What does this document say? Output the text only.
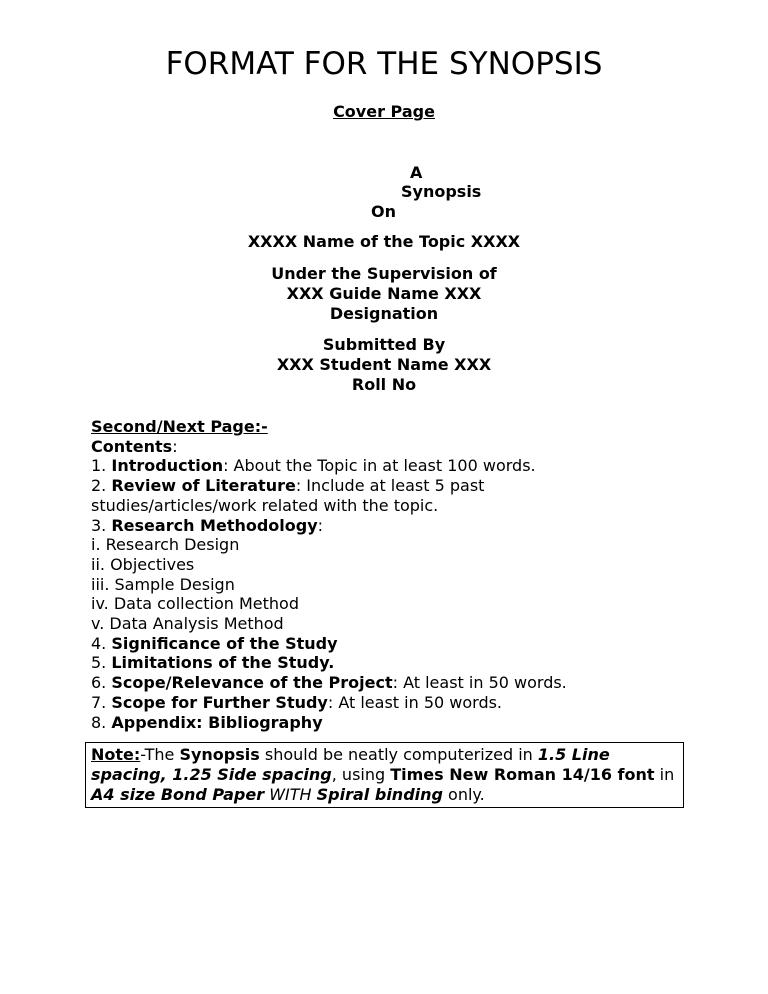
FORMAT FOR THE SYNOPSIS
Cover Page
A
Synopsis
On
XXXX Name of the Topic XXXX
Under the Supervision of
XXX Guide Name XXX
Designation
Submitted By
XXX Student Name XXX
Roll No
Second/Next Page:-
Contents:
1. Introduction: About the Topic in at least 100 words.
2. Review of Literature: Include at least 5 past
studies/articles/work related with the topic.
3. Research Methodology:
i. Research Design
ii. Objectives
iii. Sample Design
iv. Data collection Method
v. Data Analysis Method
4. Significance of the Study
5. Limitations of the Study.
6. Scope/Relevance of the Project: At least in 50 words.
7. Scope for Further Study: At least in 50 words.
8. Appendix: Bibliography
Note:-The Synopsis should be neatly computerized in 1.5 Line spacing, 1.25 Side spacing, using Times New Roman 14/16 font in A4 size Bond Paper WITH Spiral binding only.
